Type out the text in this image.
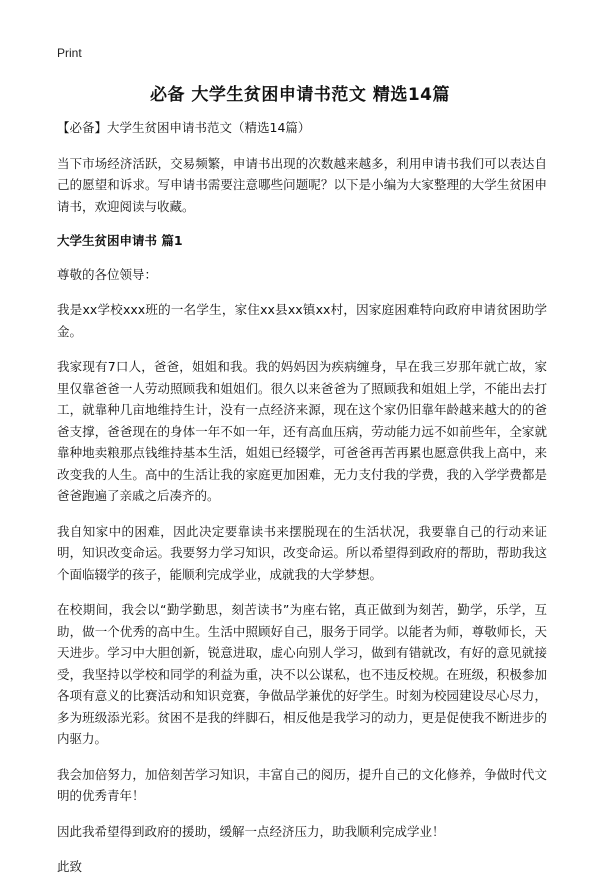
Print
必备 大学生贫困申请书范文 精选14篇

【必备】大学生贫困申请书范文（精选14篇）

当下市场经济活跃，交易频繁，申请书出现的次数越来越多，利用申请书我们可以表达自己的愿望和诉求。写申请书需要注意哪些问题呢？以下是小编为大家整理的大学生贫困申请书，欢迎阅读与收藏。

大学生贫困申请书 篇1

尊敬的各位领导：

我是xx学校xxx班的一名学生，家住xx县xx镇xx村，因家庭困难特向政府申请贫困助学金。

我家现有7口人，爸爸，姐姐和我。我的妈妈因为疾病缠身，早在我三岁那年就亡故，家里仅靠爸爸一人劳动照顾我和姐姐们。很久以来爸爸为了照顾我和姐姐上学，不能出去打工，就靠种几亩地维持生计，没有一点经济来源，现在这个家仍旧靠年龄越来越大的的爸爸支撑，爸爸现在的身体一年不如一年，还有高血压病，劳动能力远不如前些年，全家就靠种地卖粮那点钱维持基本生活，姐姐已经辍学，可爸爸再苦再累也愿意供我上高中，来改变我的人生。高中的生活让我的家庭更加困难，无力支付我的学费，我的入学学费都是爸爸跑遍了亲戚之后凑齐的。

我自知家中的困难，因此决定要靠读书来摆脱现在的生活状况，我要靠自己的行动来证明，知识改变命运。我要努力学习知识，改变命运。所以希望得到政府的帮助，帮助我这个面临辍学的孩子，能顺利完成学业，成就我的大学梦想。

在校期间，我会以“勤学勤思，刻苦读书”为座右铭，真正做到为刻苦，勤学，乐学，互助，做一个优秀的高中生。生活中照顾好自己，服务于同学。以能者为师，尊敬师长，天天进步。学习中大胆创新，锐意进取，虚心向别人学习，做到有错就改，有好的意见就接受，我坚持以学校和同学的利益为重，决不以公谋私，也不违反校规。在班级，积极参加各项有意义的比赛活动和知识竞赛，争做品学兼优的好学生。时刻为校园建设尽心尽力，多为班级添光彩。贫困不是我的绊脚石，相反他是我学习的动力，更是促使我不断进步的内驱力。

我会加倍努力，加倍刻苦学习知识，丰富自己的阅历，提升自己的文化修养，争做时代文明的优秀青年！

因此我希望得到政府的援助，缓解一点经济压力，助我顺利完成学业！

此致
